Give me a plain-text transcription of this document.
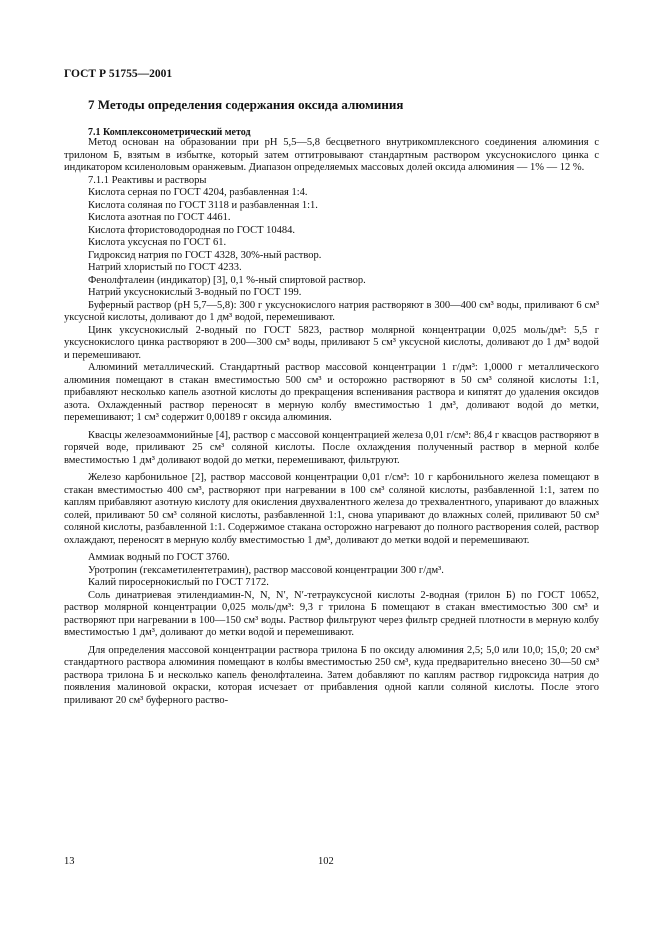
ГОСТ Р 51755—2001
7 Методы определения содержания оксида алюминия
7.1 Комплексонометрический метод

Метод основан на образовании при рН 5,5—5,8 бесцветного внутрикомплексного соединения алюминия с трилоном Б, взятым в избытке, который затем оттитровывают стандартным раствором уксуснокислого цинка с индикатором ксиленоловым оранжевым. Диапазон определяемых массовых долей оксида алюминия — 1% — 12 %.

7.1.1 Реактивы и растворы

Кислота серная по ГОСТ 4204, разбавленная 1:4.

Кислота соляная по ГОСТ 3118 и разбавленная 1:1.

Кислота азотная по ГОСТ 4461.

Кислота фтористоводородная по ГОСТ 10484.

Кислота уксусная по ГОСТ 61.

Гидроксид натрия по ГОСТ 4328, 30%-ный раствор.

Натрий хлористый по ГОСТ 4233.

Фенолфталеин (индикатор) [3], 0,1 %-ный спиртовой раствор.

Натрий уксуснокислый 3-водный по ГОСТ 199.

Буферный раствор (рН 5,7—5,8): 300 г уксуснокислого натрия растворяют в 300—400 см³ воды, приливают 6 см³ уксусной кислоты, доливают до 1 дм³ водой, перемешивают.

Цинк уксуснокислый 2-водный по ГОСТ 5823, раствор молярной концентрации 0,025 моль/дм³: 5,5 г уксуснокислого цинка растворяют в 200—300 см³ воды, приливают 5 см³ уксусной кислоты, доливают до 1 дм³ водой и перемешивают.

Алюминий металлический. Стандартный раствор массовой концентрации 1 г/дм³: 1,0000 г металлического алюминия помещают в стакан вместимостью 500 см³ и осторожно растворяют в 50 см³ соляной кислоты 1:1, прибавляют несколько капель азотной кислоты до прекращения вспенивания раствора и кипятят до удаления оксидов азота. Охлажденный раствор переносят в мерную колбу вместимостью 1 дм³, доливают водой до метки, перемешивают; 1 см³ содержит 0,00189 г оксида алюминия.

Квасцы железоаммонийные [4], раствор с массовой концентрацией железа 0,01 г/см³: 86,4 г квасцов растворяют в горячей воде, приливают 25 см³ соляной кислоты. После охлаждения полученный раствор в мерной колбе вместимостью 1 дм³ доливают водой до метки, перемешивают, фильтруют.

Железо карбонильное [2], раствор массовой концентрации 0,01 г/см³: 10 г карбонильного железа помещают в стакан вместимостью 400 см³, растворяют при нагревании в 100 см³ соляной кислоты, разбавленной 1:1, затем по каплям прибавляют азотную кислоту для окисления двухвалентного железа до трехвалентного, упаривают до влажных солей, приливают 50 см³ соляной кислоты, разбавленной 1:1, снова упаривают до влажных солей, приливают 50 см³ соляной кислоты, разбавленной 1:1. Содержимое стакана осторожно нагревают до полного растворения солей, раствор охлаждают, переносят в мерную колбу вместимостью 1 дм³, доливают до метки водой и перемешивают.

Аммиак водный по ГОСТ 3760.

Уротропин (гексаметилентетрамин), раствор массовой концентрации 300 г/дм³.

Калий пиросернокислый по ГОСТ 7172.

Соль динатриевая этилендиамин-N, N, N′, N′-тетрауксусной кислоты 2-водная (трилон Б) по ГОСТ 10652, раствор молярной концентрации 0,025 моль/дм³: 9,3 г трилона Б помещают в стакан вместимостью 300 см³ и растворяют при нагревании в 100—150 см³ воды. Раствор фильтруют через фильтр средней плотности в мерную колбу вместимостью 1 дм³, доливают до метки водой и перемешивают.

Для определения массовой концентрации раствора трилона Б по оксиду алюминия 2,5; 5,0 или 10,0; 15,0; 20 см³ стандартного раствора алюминия помещают в колбы вместимостью 250 см³, куда предварительно внесено 30—50 см³ раствора трилона Б и несколько капель фенолфталеина. Затем добавляют по каплям раствор гидроксида натрия до появления малиновой окраски, которая исчезает от прибавления одной капли соляной кислоты. После этого приливают 20 см³ буферного раство-

13	102
